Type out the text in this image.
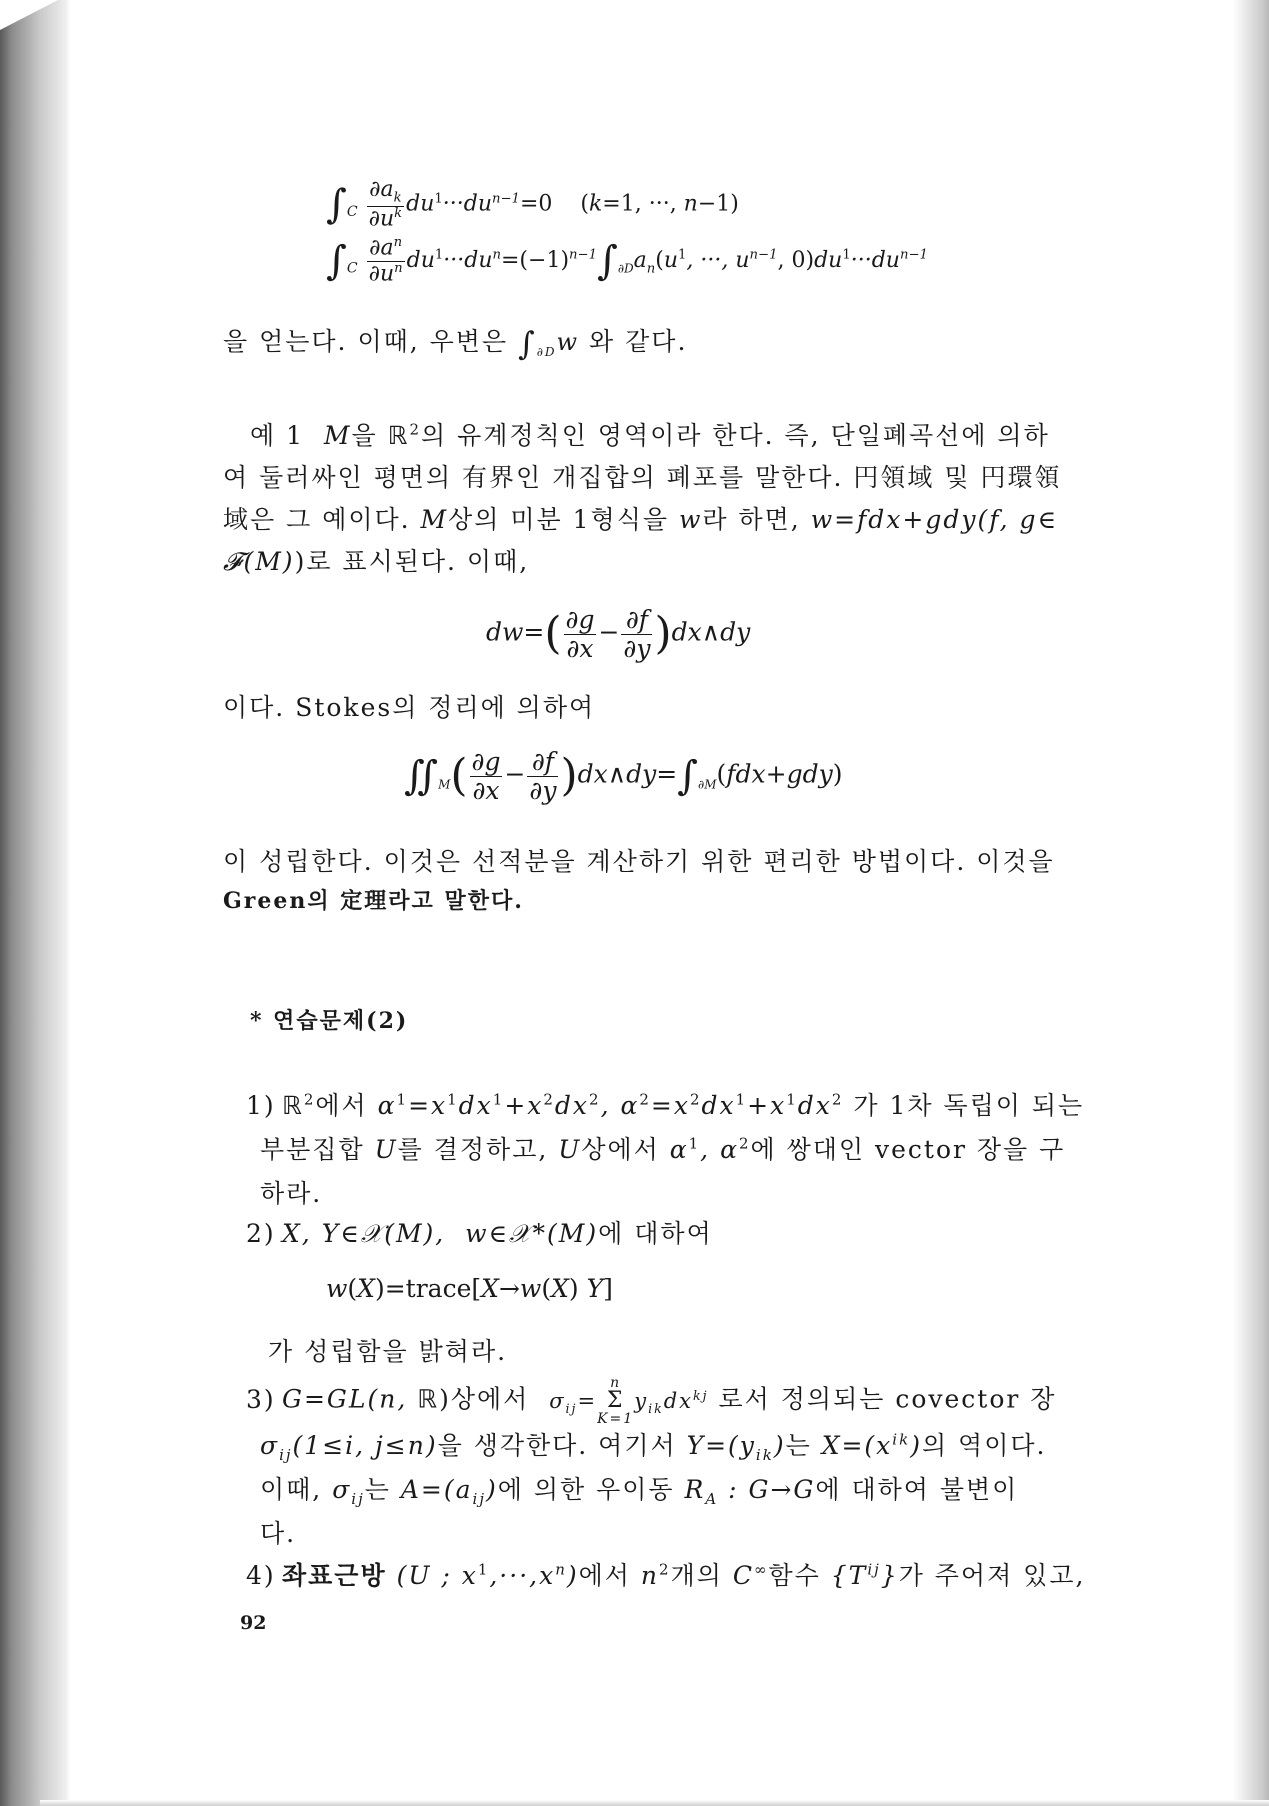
$\int_C \frac{\partial a_k}{\partial u^k} du^1\cdot\cdot\cdot du^{n-1}=0$ (k=1, ···, n−1)
$\int_C \frac{\partial a^n}{\partial u^n} du^1\cdot\cdot\cdot du^n=(-1)^{n-1}\int_{\partial D}a_n(u^1$, ···, $u^{n-1}$, $0)du^1\cdot\cdot\cdot du^{n-1}$
을 얻는다. 이때, 우변은 $\int_{\partial D}w$ 와 같다.
예 1 M을 ℝ$^2$의 유계정칙인 영역이라 한다. 즉, 단일폐곡선에 의하
여 둘러싸인 평면의 有界인 개집합의 폐포를 말한다. 円領域 및 円環領
域은 그 예이다. M상의 미분 1형식을 w라 하면, w=fdx+gdy(f, g∈
𝓕(M))로 표시된다. 이때,
$dw=( \frac{\partial g}{\partial x} - \frac{\partial f}{\partial y}$ )dx∧dy
이다. Stokes의 정리에 의하여
$∬_M( \frac{\partial g}{\partial x} - \frac{\partial f}{\partial y}$ )$dx\wedge dy=\int_{\partial M}(fdx+gdy)$
이 성립한다. 이것은 선적분을 계산하기 위한 편리한 방법이다. 이것을
Green의 定理라고 말한다.
* 연습문제(2)
1) ℝ$^2$에서 $\alpha^1=x^1dx^1+x^2dx^2$, $\alpha^2=x^2dx^1+x^1dx^2$ 가 1차 독립이 되는
부분집합 U를 결정하고, U상에서 $\alpha^1$, $\alpha^2$에 쌍대인 vector 장을 구
하라.
2) X, Y∈𝒳(M),  w∈𝒳*(M)에 대하여
w(X)=trace[X→w(X) Y]
가 성립함을 밝혀라.
3) G=GL(n, ℝ)상에서 $\sigma_{ij}=$
n
Σ
K=1
$y_{ik}dx^{kj}$ 로서 정의되는 covector 장
$\sigma_{ij}(1\le i$, j≤n)을 생각한다. 여기서 $Y=(y_{ik})$는 $X=(x^{ik})$의 역이다.
이때, $\sigma_{ij}$는 $A=(a_{ij})$에 의한 우이동 $R_A$ : G→G에 대하여 불변이
다.
4) 좌표근방 (U ; $x^1,\cdot\cdot\cdot,x^n$)에서 $n^2$개의 C∞함수 $\{T^{ij}\}$가 주어져 있고,
92
